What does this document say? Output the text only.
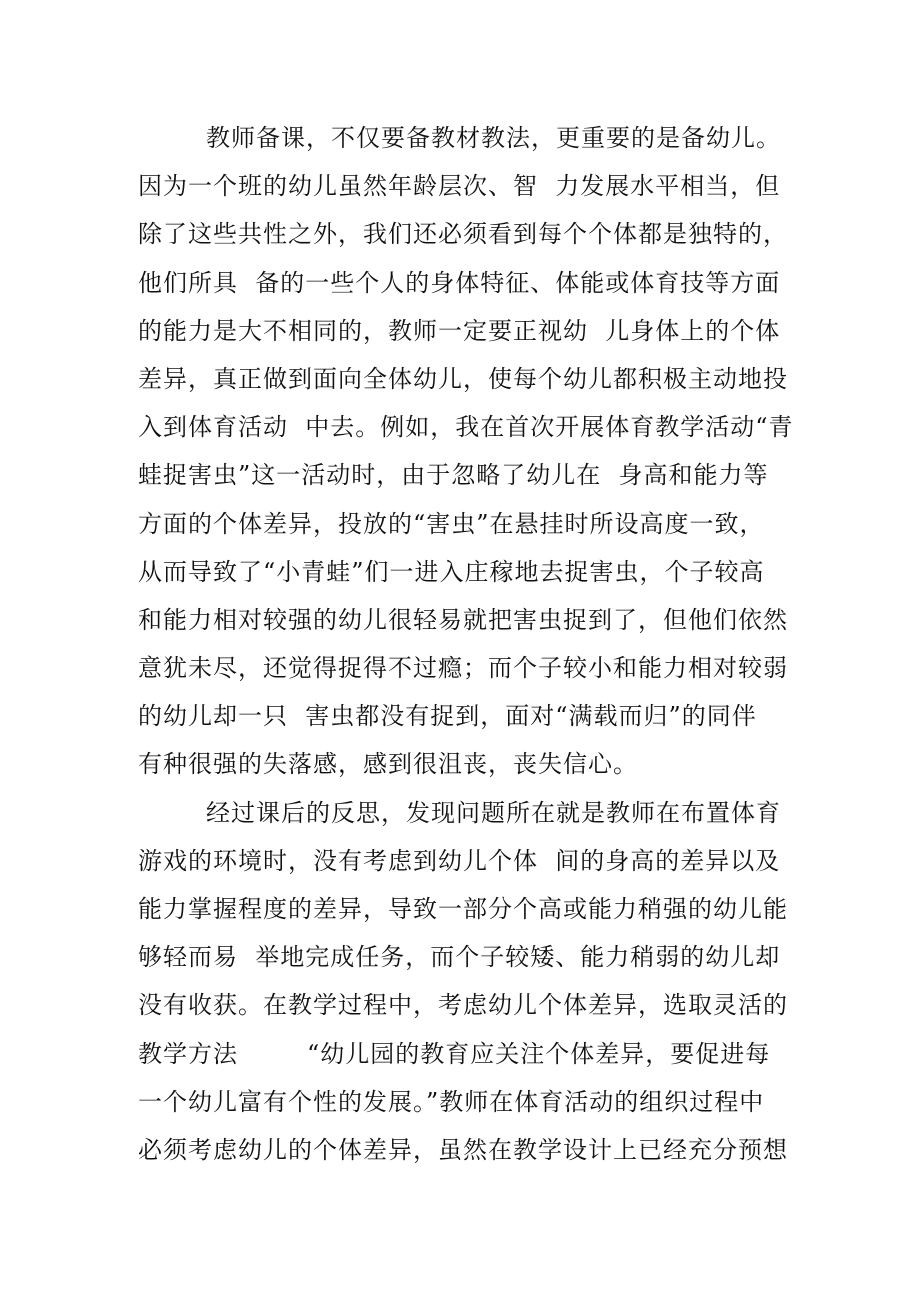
教师备课，不仅要备教材教法，更重要的是备幼儿。
因为一个班的幼儿虽然年龄层次、智  力发展水平相当，但
除了这些共性之外，我们还必须看到每个个体都是独特的，
他们所具  备的一些个人的身体特征、体能或体育技等方面
的能力是大不相同的，教师一定要正视幼  儿身体上的个体
差异，真正做到面向全体幼儿，使每个幼儿都积极主动地投
入到体育活动  中去。例如，我在首次开展体育教学活动“青
蛙捉害虫”这一活动时，由于忽略了幼儿在  身高和能力等
方面的个体差异，投放的“害虫”在悬挂时所设高度一致，
从而导致了“小青蛙”们一进入庄稼地去捉害虫，个子较高
和能力相对较强的幼儿很轻易就把害虫捉到了，但他们依然
意犹未尽，还觉得捉得不过瘾；而个子较小和能力相对较弱
的幼儿却一只  害虫都没有捉到，面对“满载而归”的同伴
有种很强的失落感，感到很沮丧，丧失信心。
经过课后的反思，发现问题所在就是教师在布置体育
游戏的环境时，没有考虑到幼儿个体  间的身高的差异以及
能力掌握程度的差异，导致一部分个高或能力稍强的幼儿能
够轻而易  举地完成任务，而个子较矮、能力稍弱的幼儿却
没有收获。在教学过程中，考虑幼儿个体差异，选取灵活的
教学方法        “幼儿园的教育应关注个体差异，要促进每
一个幼儿富有个性的发展。”教师在体育活动的组织过程中
必须考虑幼儿的个体差异，虽然在教学设计上已经充分预想
